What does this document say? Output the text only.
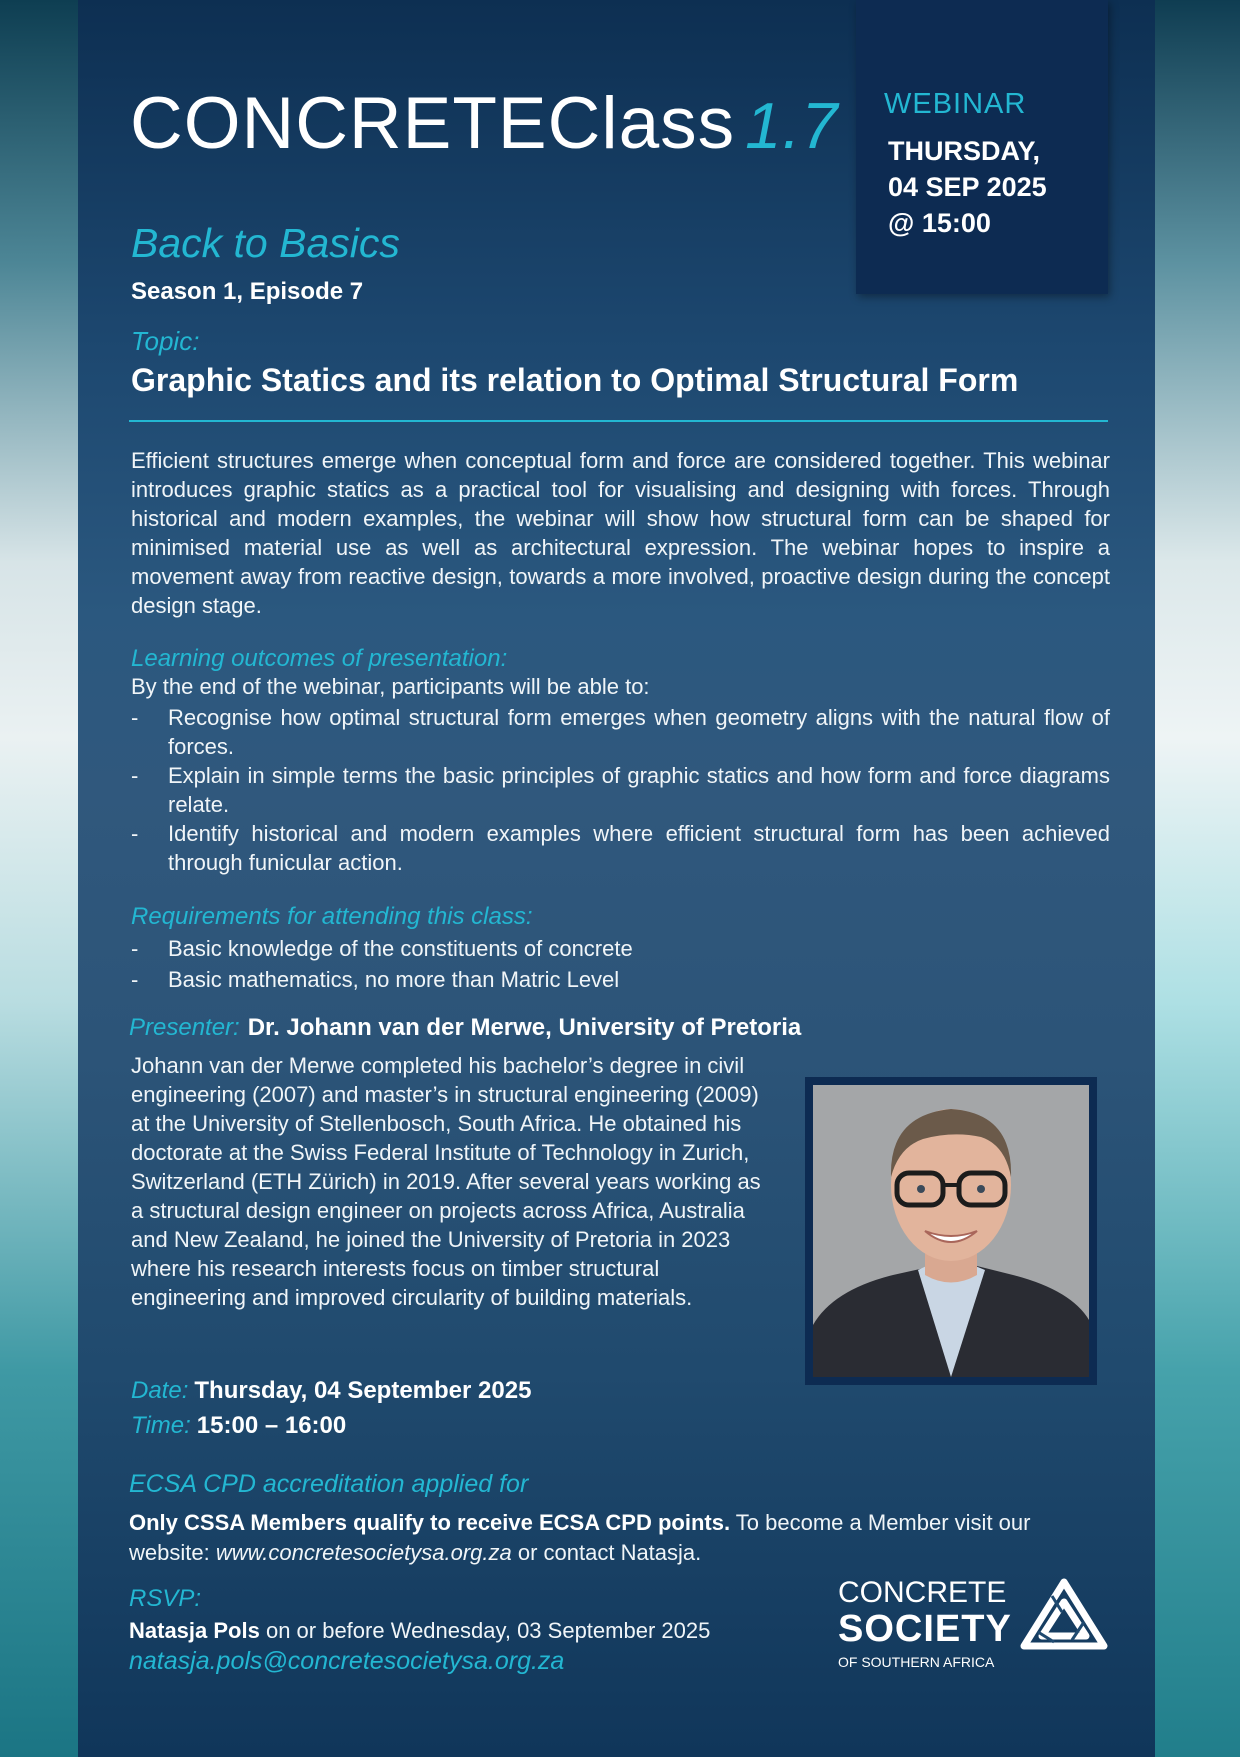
WEBINAR
THURSDAY,
04 SEP 2025
@ 15:00
CONCRETEClass 1.7
Back to Basics
Season 1, Episode 7
Topic:
Graphic Statics and its relation to Optimal Structural Form
Efficient structures emerge when conceptual form and force are considered together. This webinar introduces graphic statics as a practical tool for visualising and designing with forces. Through historical and modern examples, the webinar will show how structural form can be shaped for minimised material use as well as architectural expression. The webinar hopes to inspire a movement away from reactive design, towards a more involved, proactive design during the concept design stage.
Learning outcomes of presentation:
By the end of the webinar, participants will be able to:
- Recognise how optimal structural form emerges when geometry aligns with the natural flow of forces.
- Explain in simple terms the basic principles of graphic statics and how form and force diagrams relate.
- Identify historical and modern examples where efficient structural form has been achieved through funicular action.
Requirements for attending this class:
- Basic knowledge of the constituents of concrete
- Basic mathematics, no more than Matric Level
Presenter: Dr. Johann van der Merwe, University of Pretoria
Johann van der Merwe completed his bachelor’s degree in civil engineering (2007) and master’s in structural engineering (2009) at the University of Stellenbosch, South Africa. He obtained his doctorate at the Swiss Federal Institute of Technology in Zurich, Switzerland (ETH Zürich) in 2019. After several years working as a structural design engineer on projects across Africa, Australia and New Zealand, he joined the University of Pretoria in 2023 where his research interests focus on timber structural engineering and improved circularity of building materials.
Date: Thursday, 04 September 2025
Time: 15:00 – 16:00
ECSA CPD accreditation applied for
Only CSSA Members qualify to receive ECSA CPD points. To become a Member visit our website: www.concretesocietysa.org.za or contact Natasja.
RSVP:
Natasja Pols on or before Wednesday, 03 September 2025
natasja.pols@concretesocietysa.org.za
CONCRETE
SOCIETY
OF SOUTHERN AFRICA
